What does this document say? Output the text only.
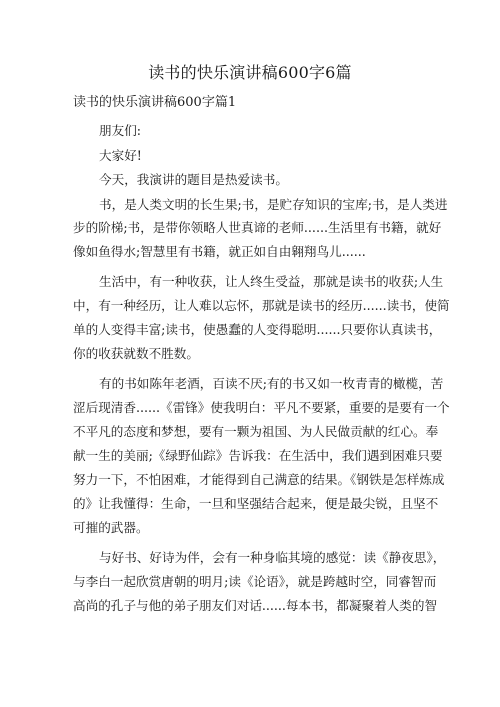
读书的快乐演讲稿600字6篇
读书的快乐演讲稿600字篇1
朋友们:
大家好!
今天，我演讲的题目是热爱读书。
书，是人类文明的长生果;书，是贮存知识的宝库;书，是人类进
步的阶梯;书，是带你领略人世真谛的老师......生活里有书籍，就好
像如鱼得水;智慧里有书籍，就正如自由翱翔鸟儿......
生活中，有一种收获，让人终生受益，那就是读书的收获;人生
中，有一种经历，让人难以忘怀，那就是读书的经历......读书，使简
单的人变得丰富;读书，使愚蠢的人变得聪明......只要你认真读书，
你的收获就数不胜数。
有的书如陈年老酒，百读不厌;有的书又如一枚青青的橄榄，苦
涩后现清香......《雷锋》使我明白：平凡不要紧，重要的是要有一个
不平凡的态度和梦想，要有一颗为祖国、为人民做贡献的红心。奉
献一生的美丽;《绿野仙踪》告诉我：在生活中，我们遇到困难只要
努力一下，不怕困难，才能得到自己满意的结果。《钢铁是怎样炼成
的》让我懂得：生命，一旦和坚强结合起来，便是最尖锐，且坚不
可摧的武器。
与好书、好诗为伴，会有一种身临其境的感觉：读《静夜思》，
与李白一起欣赏唐朝的明月;读《论语》，就是跨越时空，同睿智而
高尚的孔子与他的弟子朋友们对话......每本书，都凝聚着人类的智
